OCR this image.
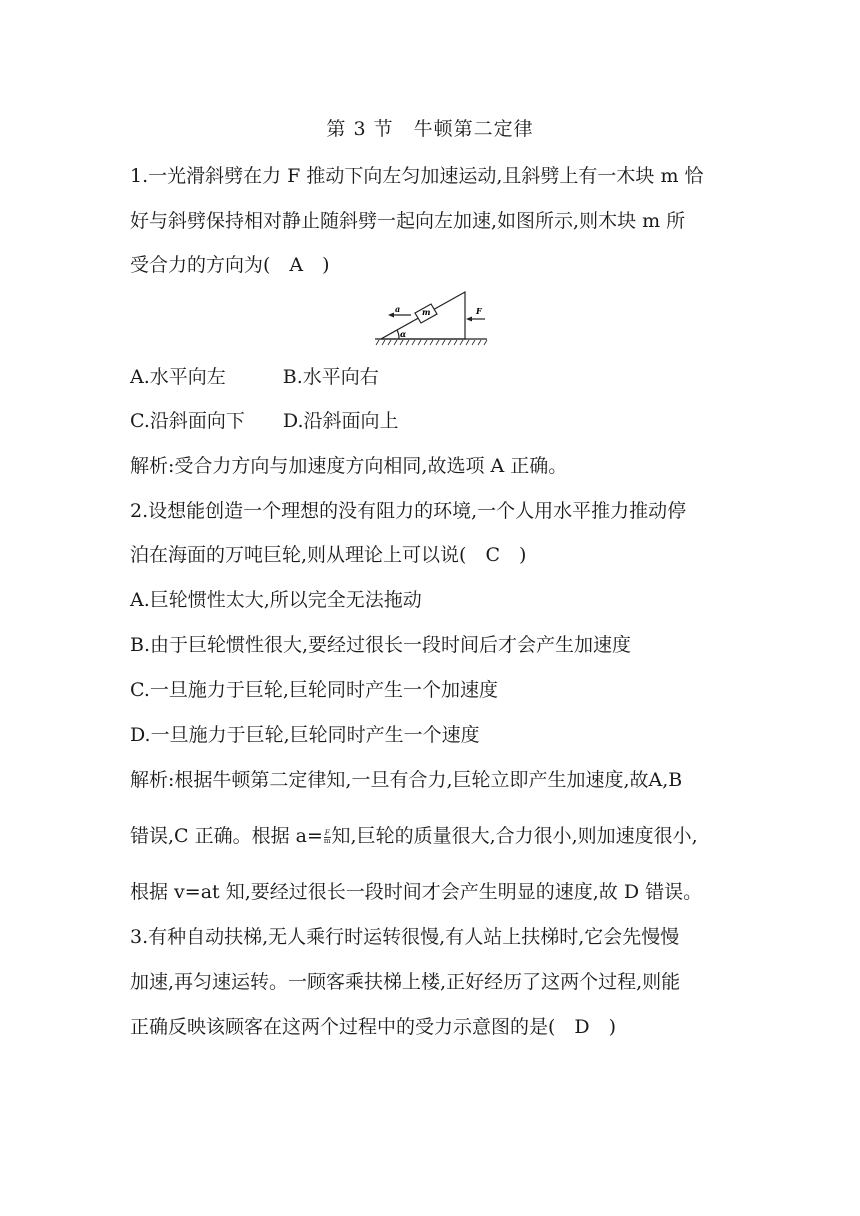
第 3 节　牛顿第二定律
1.一光滑斜劈在力 F 推动下向左匀加速运动,且斜劈上有一木块 m 恰
好与斜劈保持相对静止随斜劈一起向左加速,如图所示,则木块 m 所
受合力的方向为(　A　)
a	m	F
α
A.水平向左　　　B.水平向右
C.沿斜面向下　　D.沿斜面向上
解析:受合力方向与加速度方向相同,故选项 A 正确。
2.设想能创造一个理想的没有阻力的环境,一个人用水平推力推动停
泊在海面的万吨巨轮,则从理论上可以说(　C　)
A.巨轮惯性太大,所以完全无法拖动
B.由于巨轮惯性很大,要经过很长一段时间后才会产生加速度
C.一旦施力于巨轮,巨轮同时产生一个加速度
D.一旦施力于巨轮,巨轮同时产生一个速度
解析:根据牛顿第二定律知,一旦有合力,巨轮立即产生加速度,故A,B
错误,C 正确。根据 $a= \frac{F}{m}$ 知,巨轮的质量很大,合力很小,则加速度很小,
根据 v=at 知,要经过很长一段时间才会产生明显的速度,故 D 错误。
3.有种自动扶梯,无人乘行时运转很慢,有人站上扶梯时,它会先慢慢
加速,再匀速运转。一顾客乘扶梯上楼,正好经历了这两个过程,则能
正确反映该顾客在这两个过程中的受力示意图的是(　D　)
